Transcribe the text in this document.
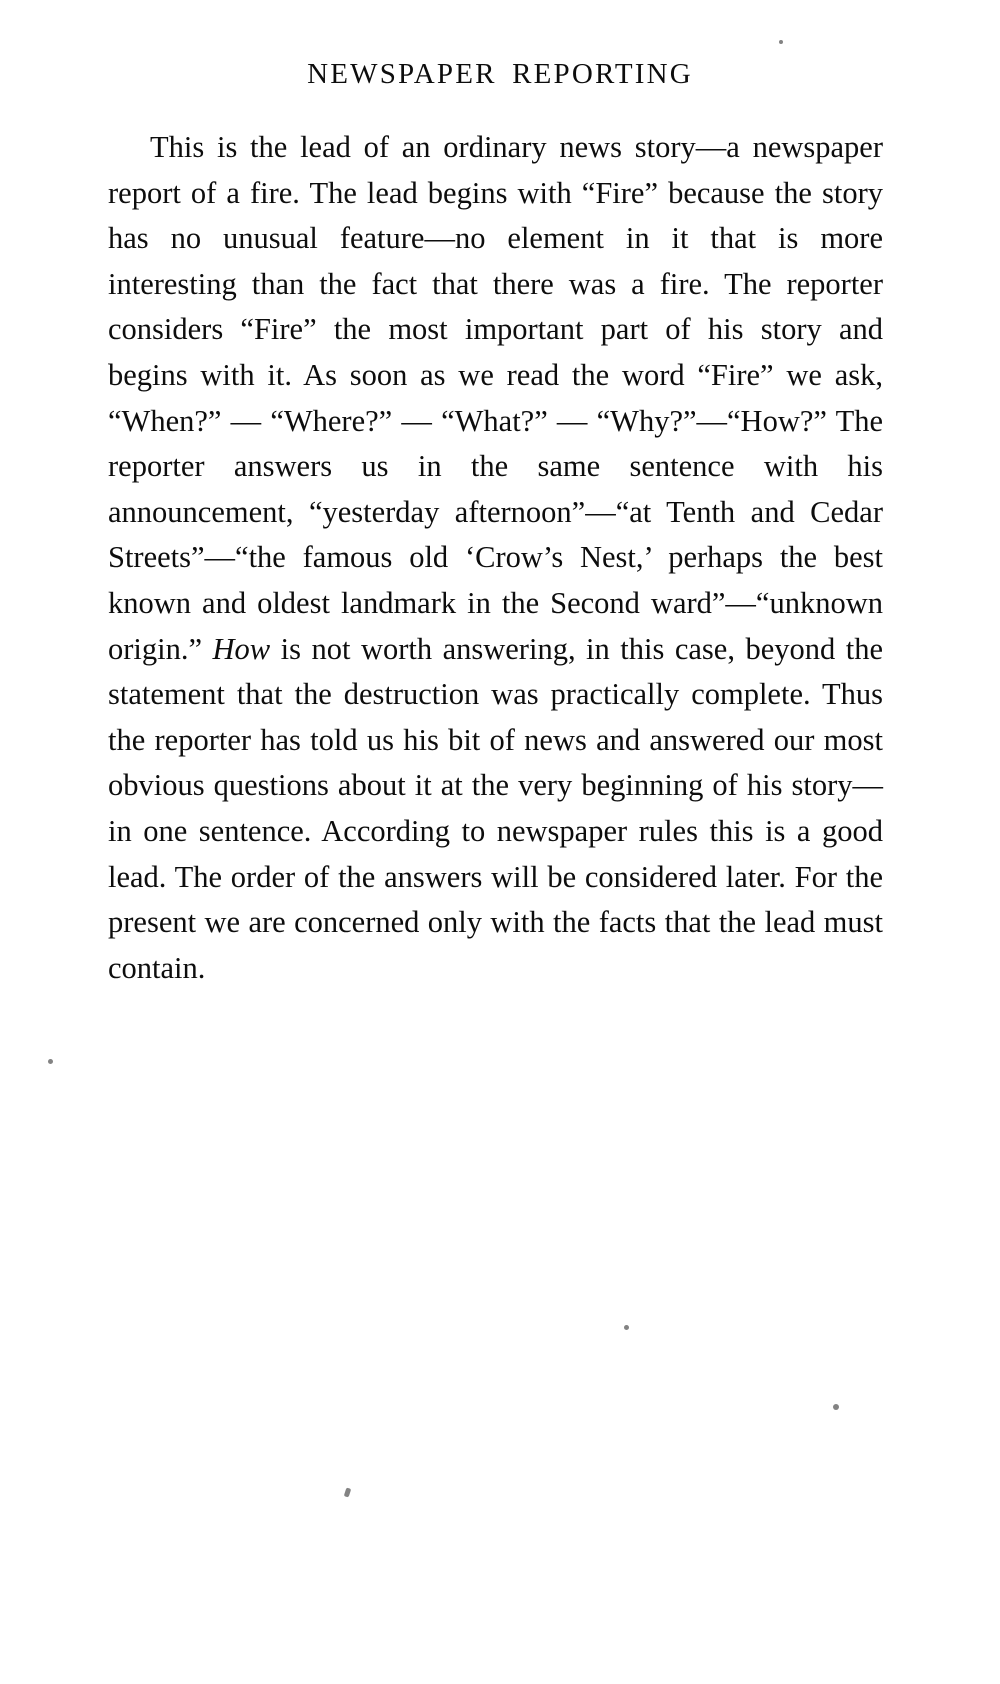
NEWSPAPER REPORTING

This is the lead of an ordinary news story—a newspaper report of a fire. The lead begins with “Fire” because the story has no unusual feature—no element in it that is more interesting than the fact that there was a fire. The reporter considers “Fire” the most important part of his story and begins with it. As soon as we read the word “Fire” we ask, “When?” — “Where?” — “What?” — “Why?”—“How?” The reporter answers us in the same sentence with his announcement, “yesterday afternoon”—“at Tenth and Cedar Streets”—“the famous old ‘Crow’s Nest,’ perhaps the best known and oldest landmark in the Second ward”—“unknown origin.” How is not worth answering, in this case, beyond the statement that the destruction was practically complete. Thus the reporter has told us his bit of news and answered our most obvious questions about it at the very beginning of his story—in one sentence. According to newspaper rules this is a good lead. The order of the answers will be considered later. For the present we are concerned only with the facts that the lead must contain.
